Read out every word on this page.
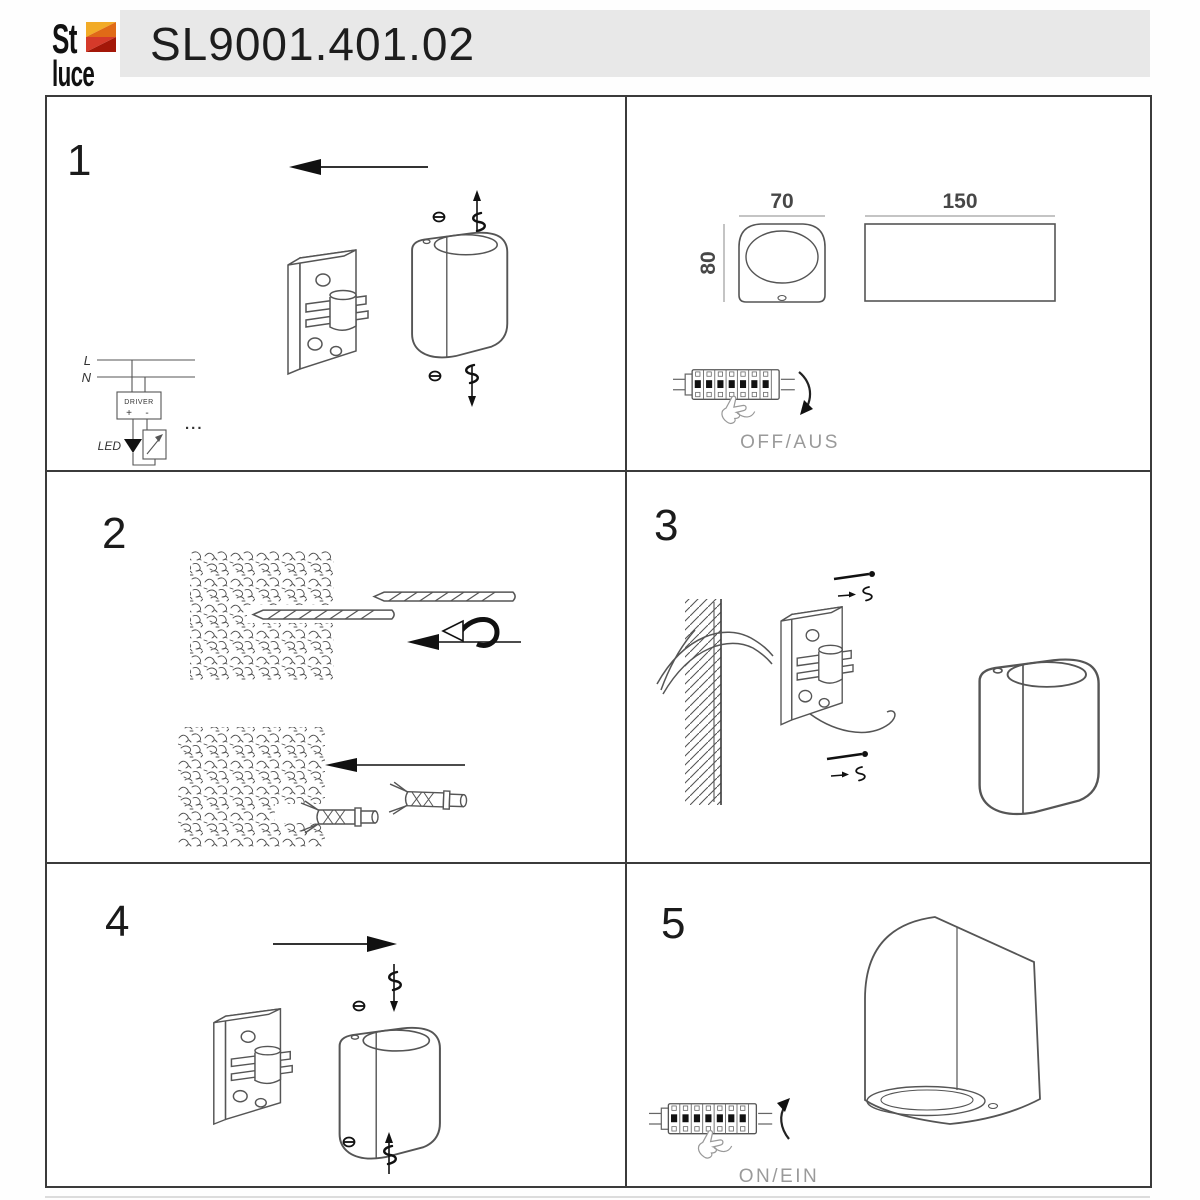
St
luce
SL9001.401.02
1
L
N
DRIVER
+ -
LED
...
70
80
150
OFF/AUS
2	3
4	5
ON/EIN
